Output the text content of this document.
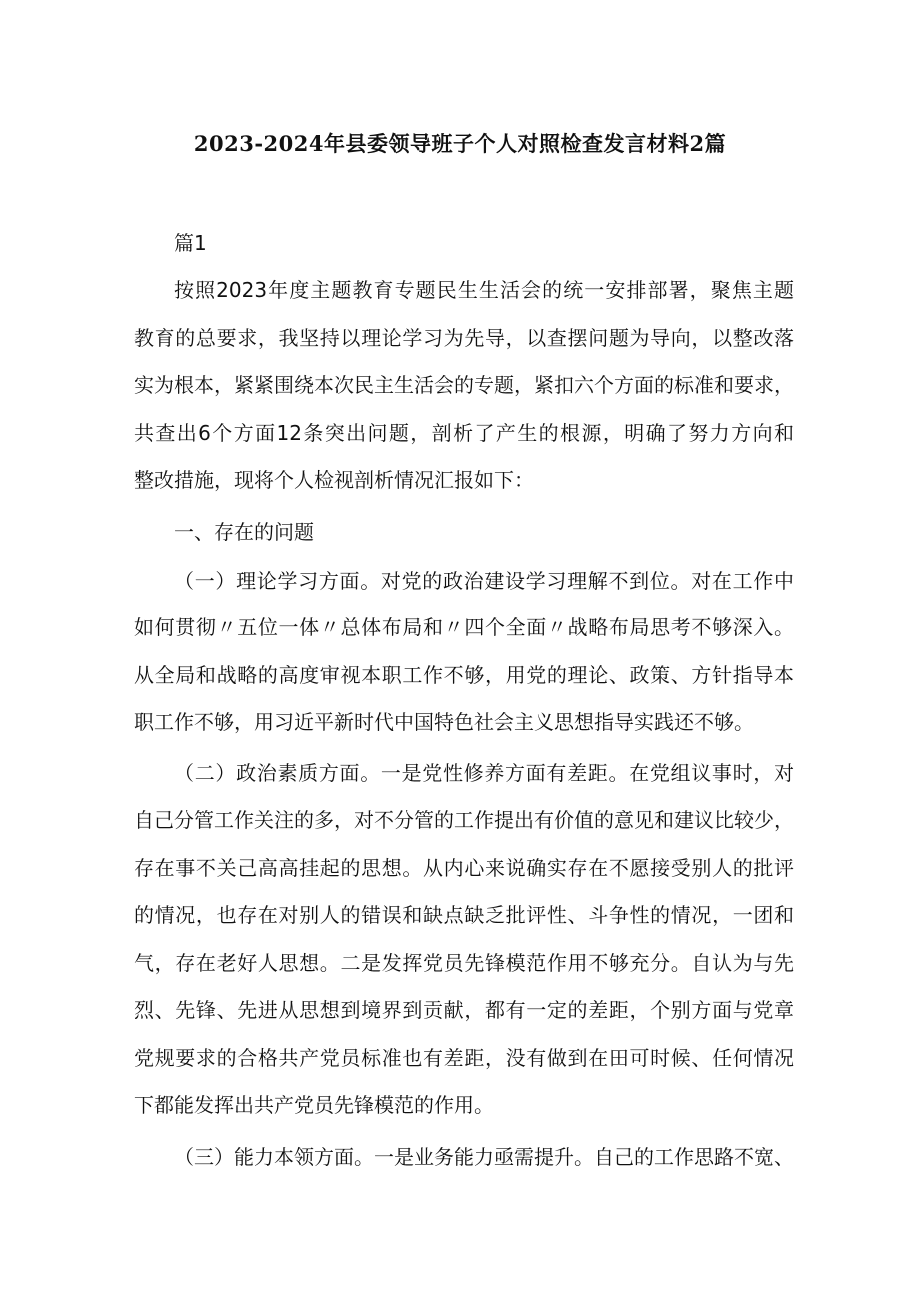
2023-2024年县委领导班子个人对照检查发言材料2篇
篇1
按照2023年度主题教育专题民生生活会的统一安排部署，聚焦主题
教育的总要求，我坚持以理论学习为先导，以查摆问题为导向，以整改落
实为根本，紧紧围绕本次民主生活会的专题，紧扣六个方面的标准和要求，
共查出6个方面12条突出问题，剖析了产生的根源，明确了努力方向和
整改措施，现将个人检视剖析情况汇报如下：
一、存在的问题
（一）理论学习方面。对党的政治建设学习理解不到位。对在工作中
如何贯彻〃五位一体〃总体布局和〃四个全面〃战略布局思考不够深入。
从全局和战略的高度审视本职工作不够，用党的理论、政策、方针指导本
职工作不够，用习近平新时代中国特色社会主义思想指导实践还不够。
（二）政治素质方面。一是党性修养方面有差距。在党组议事时，对
自己分管工作关注的多，对不分管的工作提出有价值的意见和建议比较少，
存在事不关己高高挂起的思想。从内心来说确实存在不愿接受别人的批评
的情况，也存在对别人的错误和缺点缺乏批评性、斗争性的情况，一团和
气，存在老好人思想。二是发挥党员先锋模范作用不够充分。自认为与先
烈、先锋、先进从思想到境界到贡献，都有一定的差距，个别方面与党章
党规要求的合格共产党员标准也有差距，没有做到在田可时候、任何情况
下都能发挥出共产党员先锋模范的作用。
（三）能力本领方面。一是业务能力亟需提升。自己的工作思路不宽、
